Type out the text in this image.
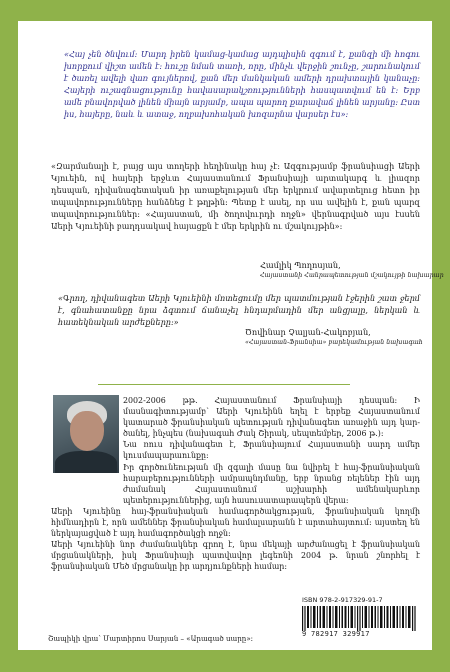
«Հայ չեն ծնվում: Մարդ իրեն կամաց-կամաց այդպիսին զգում է, քանզի մի հոգու խորքում վիշտ ամեն է: հուշը նման տառի, որը, մինչև վերջին շունչը, շարունակում է ծառել ավելի վառ գույներով, քան մեր մանկական ամերի դրախտային կանաչը: Հայերի ուշագնացությունը հավասարակշռությունների հասպատվում են է: Երբ ամե բնավորված լինեն միայն արյամբ, ապա պարող քարավաճ լինեն արյանը: Ըստ իս, հայերը, նաև և ատաջ, ողբախոհական խոզարնա վարսեր էս»:
«Զարմանալի է, բայց այս տողերի հեղինակը հայ չէ: Ազգությամբ ֆրանսիացի Աերի Կյուեին, ով հայերի երջևտ Հայաստանում Ֆրանսիայի արտակարգ և լիազոր դեսպան, դիվանագետական իր առաքելության մեր երկրում ավարտելուց հետո իր տպավորությունները հանձնեց է թղթին: Պետք է ասել, որ սա ավելին է, քան պարզ տպավորություններ: «Հայաստան, մի ծողովուրդի ողջն» վերնագրված այս էսսեն Աերի Կյուեինի բաղդսակավ հայացքն է մեր երկրին ու մշակույթին»:
Համլիկ Պողոսյան,
Հայաստանի Հանրապետության մշակույթի նախարար
«Գրող, դիվանագետ Աերի Կյուեինի մոտեցումը մեր պատմության էջերին շատ ջերմ է, գնահատանքը նրա ձգտում ճանաչել հնդարմադին մեր անցյալը, ներկան և հատեկնական արժեքները:»
Ծովինար Չալյան-Հակոբյան,
«Հայաստան-Ֆրանսիա» բարեկամության նախագահ
2002-2006 թթ. Հայաստանում Ֆրանսիայի դեսպան: Ի մասնագիտությամբ՝ Աերի Կյուեինն եղել է երբեք Հայաստանում կատարած ֆրանսիական պետության դիվանագետ առաջին այդ կար-ծանել, ինչպես (նախագահ Ժակ Շիրակ, սեպտեմբեր, 2006 թ.):
Նա ռուս դիվանագետ է, Ֆրանսիայում Հայաստանի սարդ ամեր կուսմապարաունքը:
Իր գործունեության մի զգալի մասը նա նվիրել է հայ-ֆրանսիական հարաբերությունների ամրապնդմանը, երբ նրանց ռելեներ էին այդ ժամանակ Հայաստանում աշխարհի ամենակարևոր պետերություններից, այն հասուսատարապերն վերա:
Աերի Կյուեինը հայ-ֆրանսիական համագործակցության, ֆրանսիական կողմի հիմնադիրն է, որն ամեններ ֆրանսիական համալսարանն է արտահայտում: այստեղ են ներկայացված է այդ համագործակցի ողջն:
Աերի Կյուեինի նոր ժամանակներ գրող է, նրա մեկայի արժանացել է ֆրանսիական մրցանակների, իսկ Ֆրանսիայի պատվավոր լեգեոնի 2004 թ. նրան շնորհել է ֆրանսիական Մեծ մրցանակը իր արդյունքների համար:
ISBN 978-2-917329-91-7
9 782917 329917
Շապիկի վրա՝ Մարտիրոս Սարյան – «Արագած սարը»:
